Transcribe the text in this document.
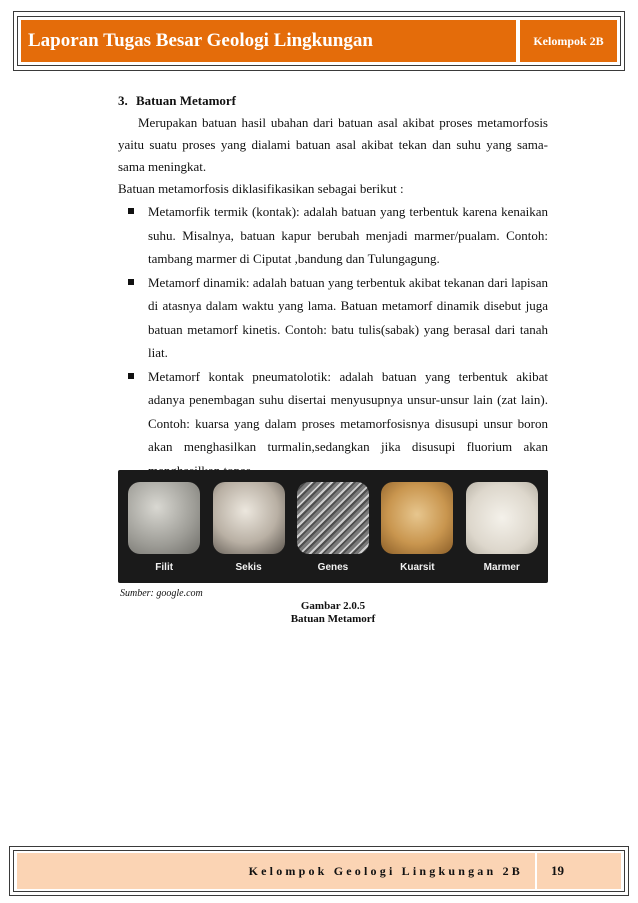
Laporan Tugas Besar Geologi Lingkungan	Kelompok 2B
3. Batuan Metamorf
Merupakan batuan hasil ubahan dari batuan asal akibat proses metamorfosis yaitu suatu proses yang dialami batuan asal akibat tekan dan suhu yang sama- sama meningkat.
Batuan metamorfosis diklasifikasikan sebagai berikut :
Metamorfik termik (kontak): adalah batuan yang terbentuk karena kenaikan suhu. Misalnya, batuan kapur berubah menjadi marmer/pualam. Contoh: tambang marmer di Ciputat ,bandung dan Tulungagung.
Metamorf dinamik: adalah batuan yang terbentuk akibat tekanan dari lapisan di atasnya dalam waktu yang lama. Batuan metamorf dinamik disebut juga batuan metamorf kinetis. Contoh: batu tulis(sabak) yang berasal dari tanah liat.
Metamorf kontak pneumatolotik: adalah batuan yang terbentuk akibat adanya penembagan suhu disertai menyusupnya unsur-unsur lain (zat lain). Contoh: kuarsa yang dalam proses metamorfosisnya disusupi unsur boron akan menghasilkan turmalin,sedangkan jika disusupi fluorium akan
Filit	Sekis	Genes	Kuarsit	Marmer
Sumber: google.com
Gambar 2.0.5
Batuan Metamorf
Kelompok Geologi Lingkungan 2B	19
